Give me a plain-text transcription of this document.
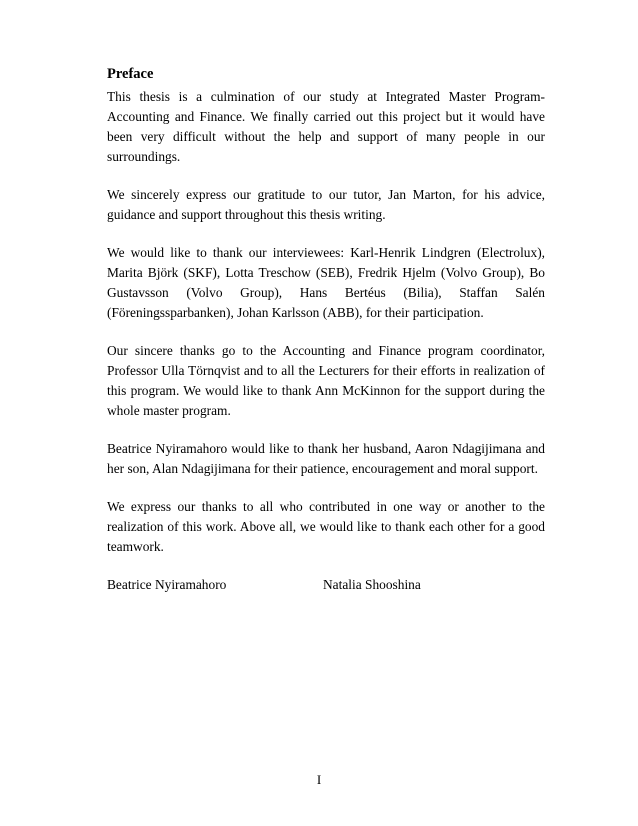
Preface

This thesis is a culmination of our study at Integrated Master Program-Accounting and Finance. We finally carried out this project but it would have been very difficult without the help and support of many people in our surroundings.

We sincerely express our gratitude to our tutor, Jan Marton, for his advice, guidance and support throughout this thesis writing.

We would like to thank our interviewees: Karl-Henrik Lindgren (Electrolux), Marita Björk (SKF), Lotta Treschow (SEB), Fredrik Hjelm (Volvo Group), Bo Gustavsson (Volvo Group), Hans Bertéus (Bilia), Staffan Salén (Föreningssparbanken), Johan Karlsson (ABB), for their participation.

Our sincere thanks go to the Accounting and Finance program coordinator, Professor Ulla Törnqvist and to all the Lecturers for their efforts in realization of this program. We would like to thank Ann McKinnon for the support during the whole master program.

Beatrice Nyiramahoro would like to thank her husband, Aaron Ndagijimana and her son, Alan Ndagijimana for their patience, encouragement and moral support.

We express our thanks to all who contributed in one way or another to the realization of this work. Above all, we would like to thank each other for a good teamwork.

Beatrice Nyiramahoro	Natalia Shooshina
I
